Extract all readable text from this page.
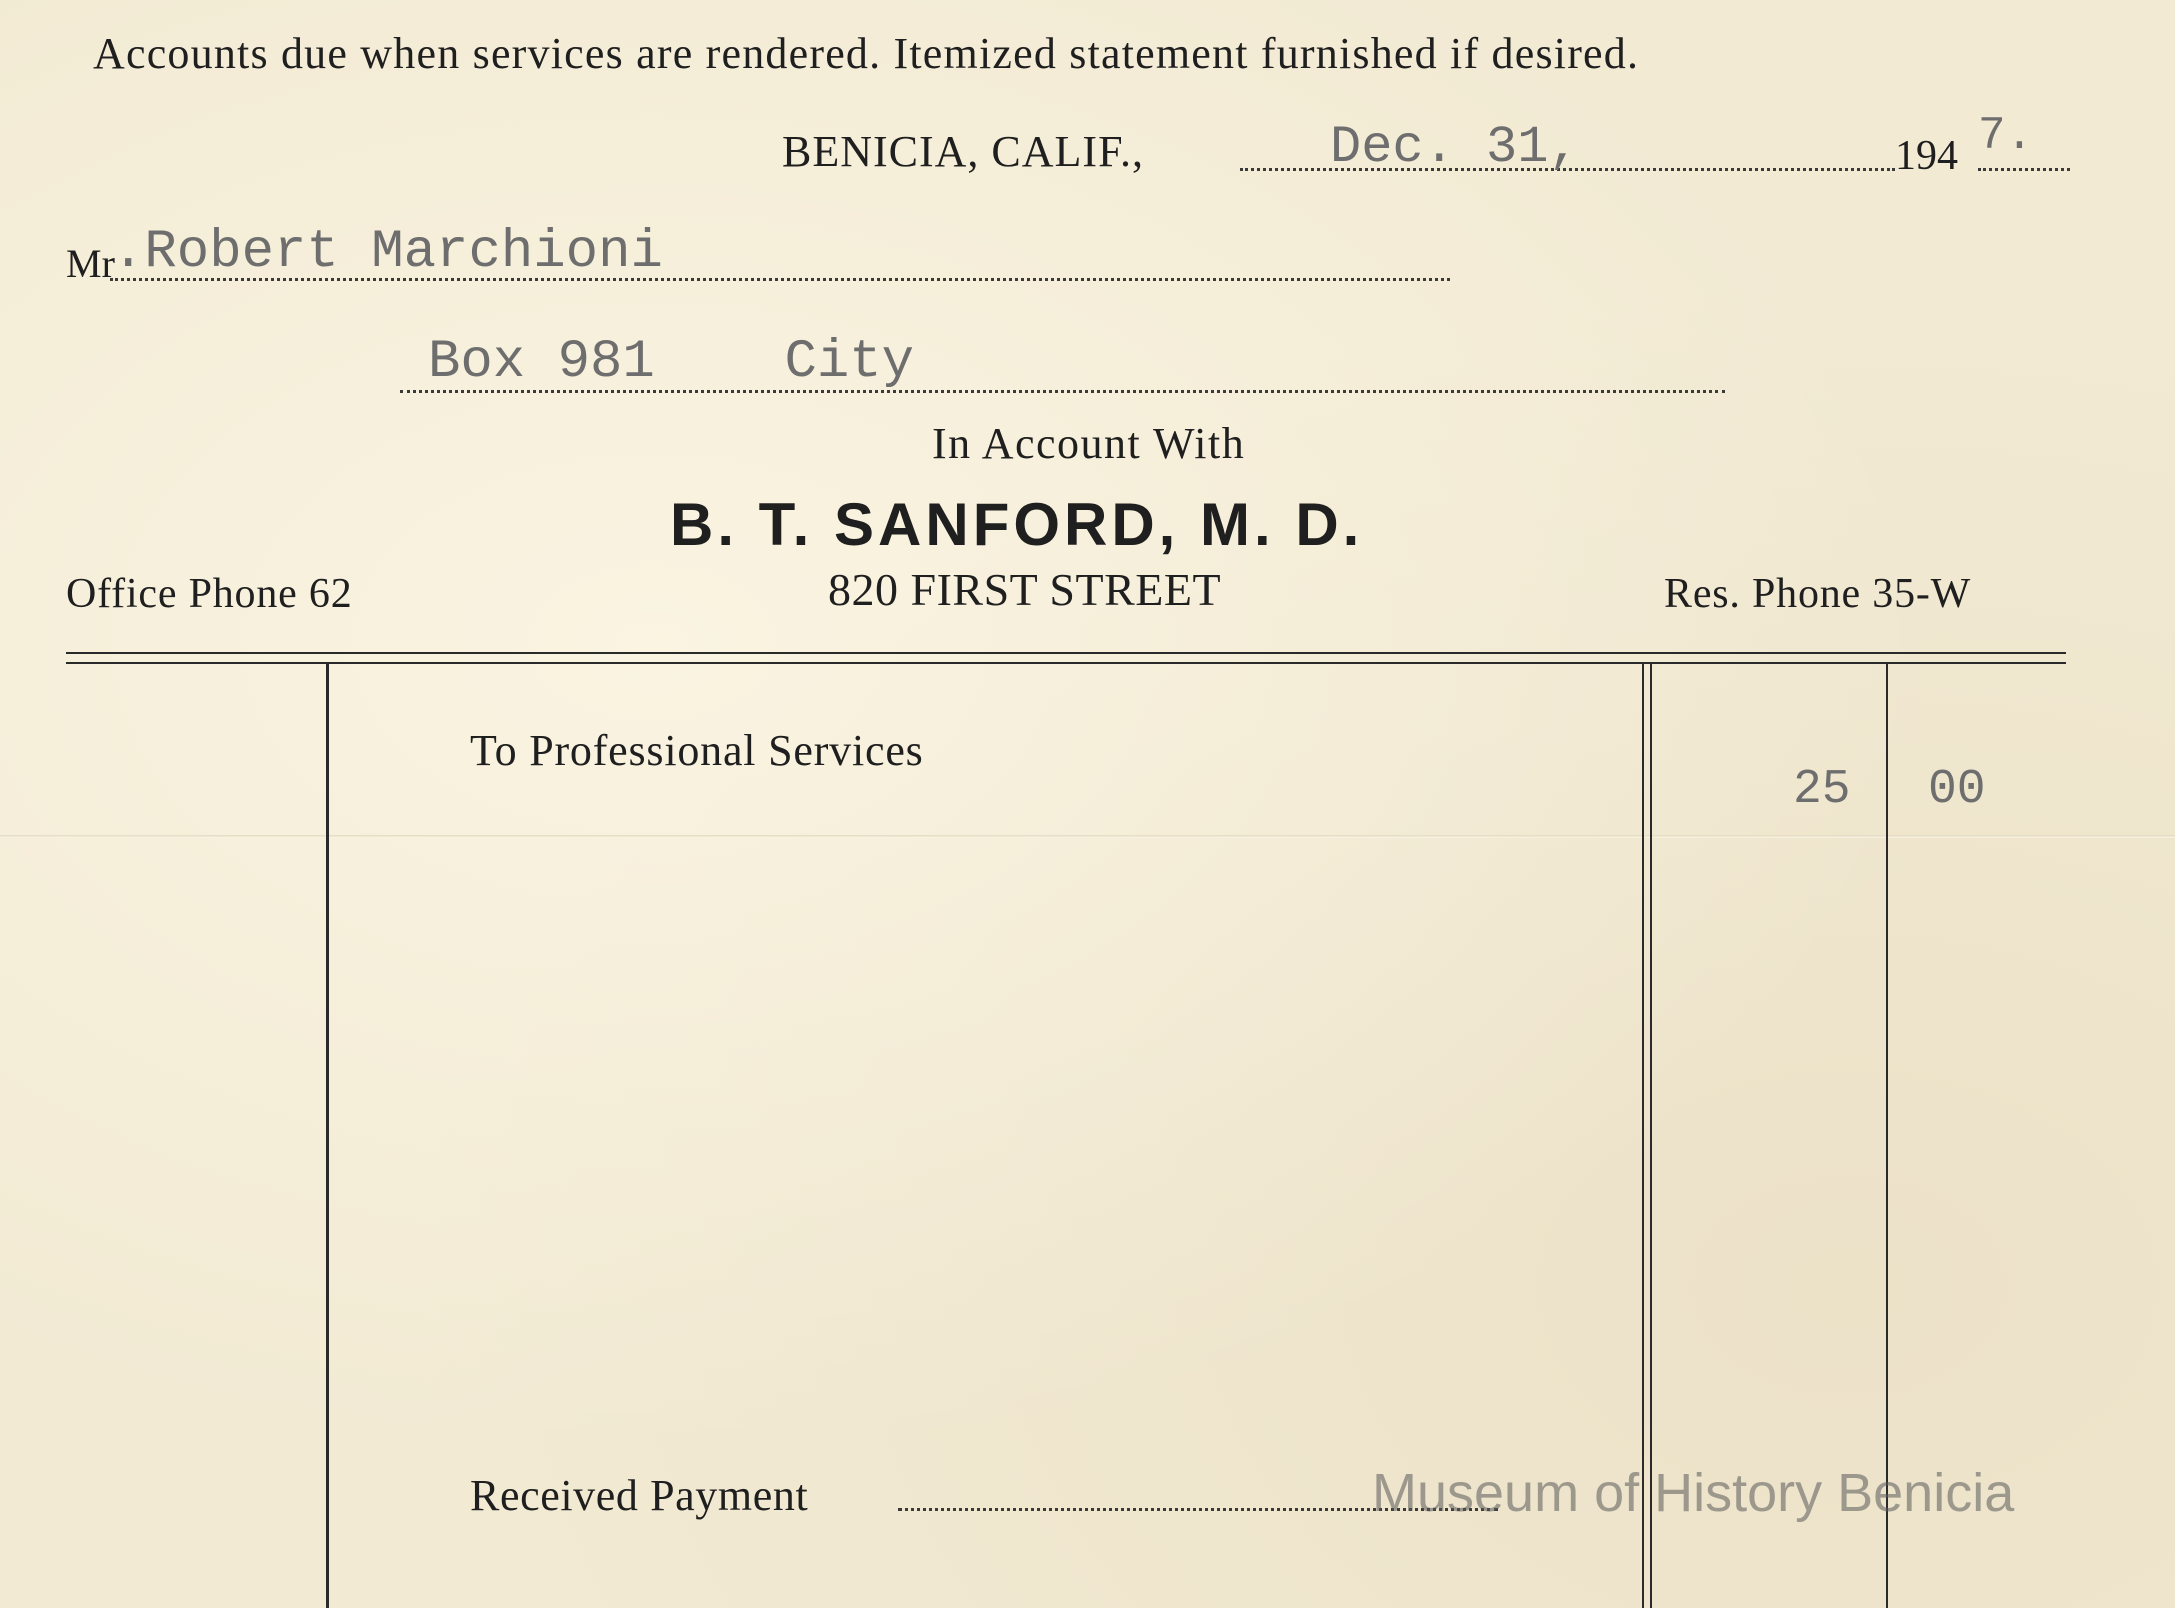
Accounts due when services are rendered. Itemized statement furnished if desired.
BENICIA, CALIF.,	Dec. 31,	194 7.
Mr
.Robert Marchioni
Box 981    City
In Account With
B. T. SANFORD, M. D.
Office Phone 62	820 FIRST STREET	Res. Phone 35-W
To Professional Services
25 00
Received Payment	Museum of History Benicia
